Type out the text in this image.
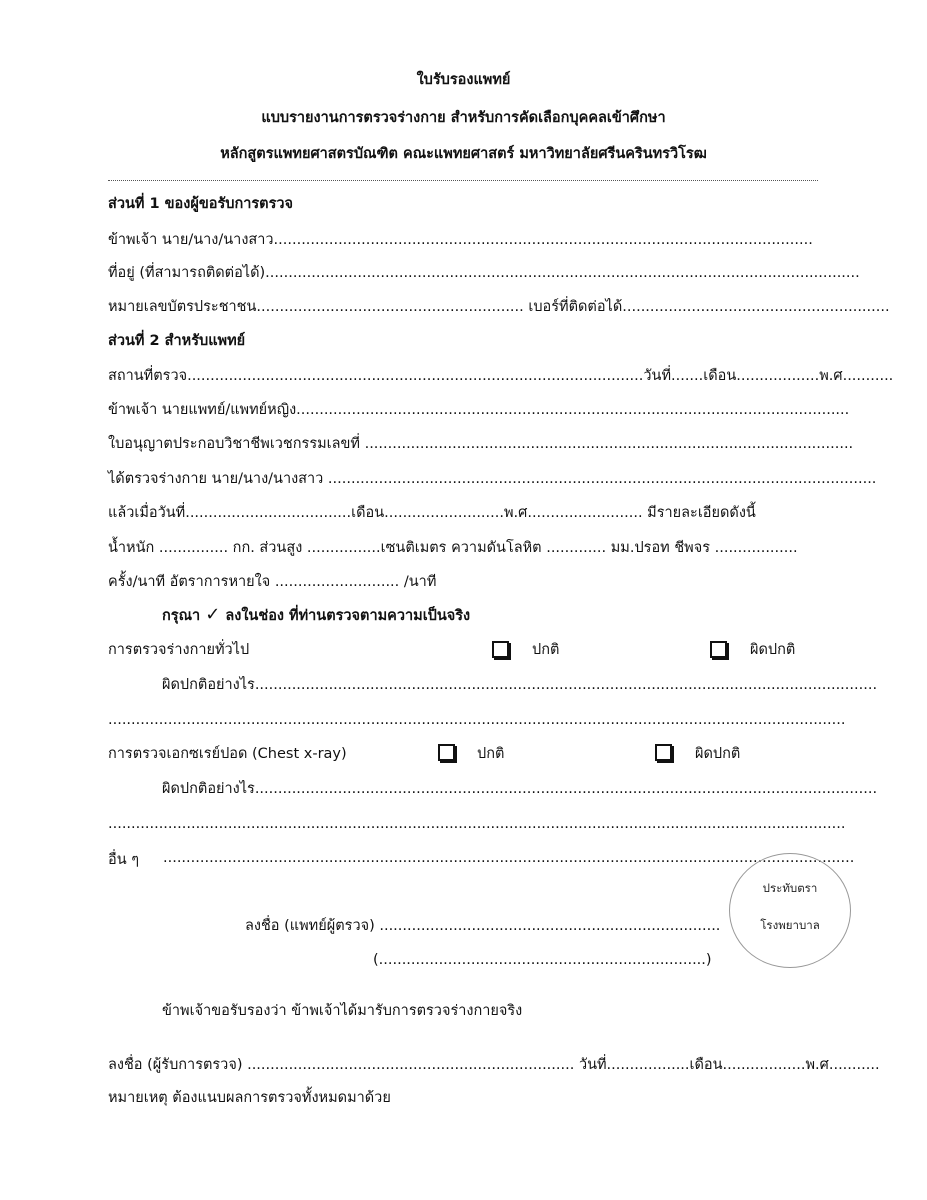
ใบรับรองแพทย์
แบบรายงานการตรวจร่างกาย สำหรับการคัดเลือกบุคคลเข้าศึกษา
หลักสูตรแพทยศาสตรบัณฑิต คณะแพทยศาสตร์ มหาวิทยาลัยศรีนครินทรวิโรฒ
ส่วนที่ 1 ของผู้ขอรับการตรวจ
ข้าพเจ้า นาย/นาง/นางสาว.....................................................................................................................
ที่อยู่ (ที่สามารถติดต่อได้).................................................................................................................................
หมายเลขบัตรประชาชน.......................................................... เบอร์ที่ติดต่อได้..........................................................
ส่วนที่ 2 สำหรับแพทย์
สถานที่ตรวจ...................................................................................................วันที่.......เดือน..................พ.ศ...........
ข้าพเจ้า นายแพทย์/แพทย์หญิง........................................................................................................................
ใบอนุญาตประกอบวิชาชีพเวชกรรมเลขที่ ..........................................................................................................
ได้ตรวจร่างกาย นาย/นาง/นางสาว .......................................................................................................................
แล้วเมื่อวันที่....................................เดือน..........................พ.ศ......................... มีรายละเอียดดังนี้
น้ำหนัก ............... กก. ส่วนสูง ................เซนติเมตร ความดันโลหิต ............. มม.ปรอท ชีพจร ..................
ครั้ง/นาที อัตราการหายใจ ........................... /นาที
กรุณา ✓ ลงในช่อง ที่ท่านตรวจตามความเป็นจริง
การตรวจร่างกายทั่วไป	ปกติ	ผิดปกติ
ผิดปกติอย่างไร.......................................................................................................................................
................................................................................................................................................................
การตรวจเอกซเรย์ปอด (Chest x-ray)	ปกติ	ผิดปกติ
ผิดปกติอย่างไร.......................................................................................................................................
................................................................................................................................................................
อื่น ๆ ......................................................................................................................................................
ประทับตรา
โรงพยาบาล
ลงชื่อ (แพทย์ผู้ตรวจ) ..........................................................................
(.......................................................................)
ข้าพเจ้าขอรับรองว่า ข้าพเจ้าได้มารับการตรวจร่างกายจริง
ลงชื่อ (ผู้รับการตรวจ) ....................................................................... วันที่..................เดือน..................พ.ศ...........
หมายเหตุ ต้องแนบผลการตรวจทั้งหมดมาด้วย
